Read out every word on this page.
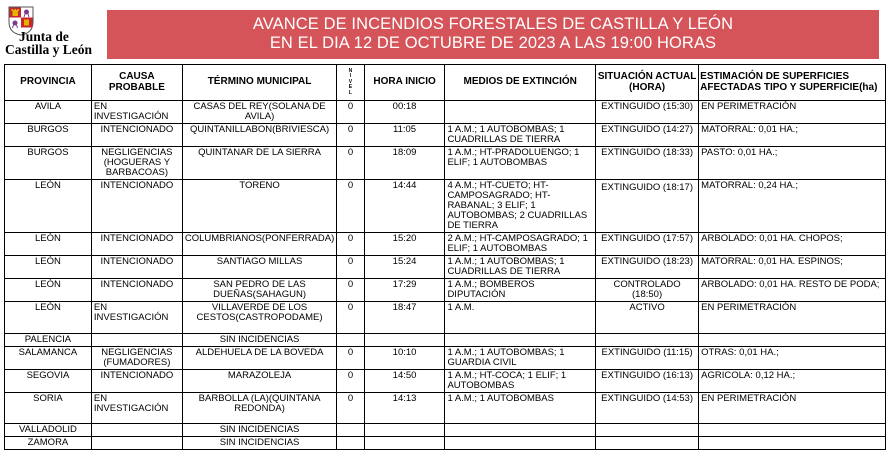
Junta de
Castilla y León
AVANCE DE INCENDIOS FORESTALES DE CASTILLA Y LEÓN
EN EL DIA 12 DE OCTUBRE DE 2023 A LAS 19:00 HORAS
PROVINCIA	CAUSA PROBABLE	TÉRMINO MUNICIPAL	N I V E L	HORA INICIO	MEDIOS DE EXTINCIÓN	SITUACIÓN ACTUAL (HORA)	ESTIMACIÓN DE SUPERFICIES AFECTADAS TIPO Y SUPERFICIE(ha)
AVILA	EN INVESTIGACIÓN	CASAS DEL REY(SOLANA DE AVILA)	0	00:18		EXTINGUIDO (15:30)	EN PERIMETRACIÓN
BURGOS	INTENCIONADO	QUINTANILLABON(BRIVIESCA)	0	11:05	1 A.M.; 1 AUTOBOMBAS; 1 CUADRILLAS DE TIERRA	EXTINGUIDO (14:27)	MATORRAL: 0,01 HA.;
BURGOS	NEGLIGENCIAS (HOGUERAS Y BARBACOAS)	QUINTANAR DE LA SIERRA	0	18:09	1 A.M.; HT-PRADOLUENGO; 1 ELIF; 1 AUTOBOMBAS	EXTINGUIDO (18:33)	PASTO: 0,01 HA.;
LEÓN	INTENCIONADO	TORENO	0	14:44	4 A.M.; HT-CUETO; HT-CAMPOSAGRADO; HT-RABANAL; 3 ELIF; 1 AUTOBOMBAS; 2 CUADRILLAS DE TIERRA	EXTINGUIDO (18:17)	MATORRAL: 0,24 HA.;
LEÓN	INTENCIONADO	COLUMBRIANOS(PONFERRADA)	0	15:20	2 A.M.; HT-CAMPOSAGRADO; 1 ELIF; 1 AUTOBOMBAS	EXTINGUIDO (17:57)	ARBOLADO: 0,01 HA. CHOPOS;
LEÓN	INTENCIONADO	SANTIAGO MILLAS	0	15:24	1 A.M.; 1 AUTOBOMBAS; 1 CUADRILLAS DE TIERRA	EXTINGUIDO (18:23)	MATORRAL: 0,01 HA. ESPINOS;
LEÓN	INTENCIONADO	SAN PEDRO DE LAS DUEÑAS(SAHAGUN)	0	17:29	1 A.M.; BOMBEROS DIPUTACIÓN	CONTROLADO (18:50)	ARBOLADO: 0,01 HA. RESTO DE PODA;
LEÓN	EN INVESTIGACIÓN	VILLAVERDE DE LOS CESTOS(CASTROPODAME)	0	18:47	1 A.M.	ACTIVO	EN PERIMETRACIÓN
PALENCIA		SIN INCIDENCIAS					
SALAMANCA	NEGLIGENCIAS (FUMADORES)	ALDEHUELA DE LA BOVEDA	0	10:10	1 A.M.; 1 AUTOBOMBAS; 1 GUARDIA CIVIL	EXTINGUIDO (11:15)	OTRAS: 0,01 HA.;
SEGOVIA	INTENCIONADO	MARAZOLEJA	0	14:50	1 A.M.; HT-COCA; 1 ELIF; 1 AUTOBOMBAS	EXTINGUIDO (16:13)	AGRICOLA: 0,12 HA.;
SORIA	EN INVESTIGACIÓN	BARBOLLA (LA)(QUINTANA REDONDA)	0	14:13	1 A.M.; 1 AUTOBOMBAS	EXTINGUIDO (14:53)	EN PERIMETRACIÓN
VALLADOLID		SIN INCIDENCIAS					
ZAMORA		SIN INCIDENCIAS					
